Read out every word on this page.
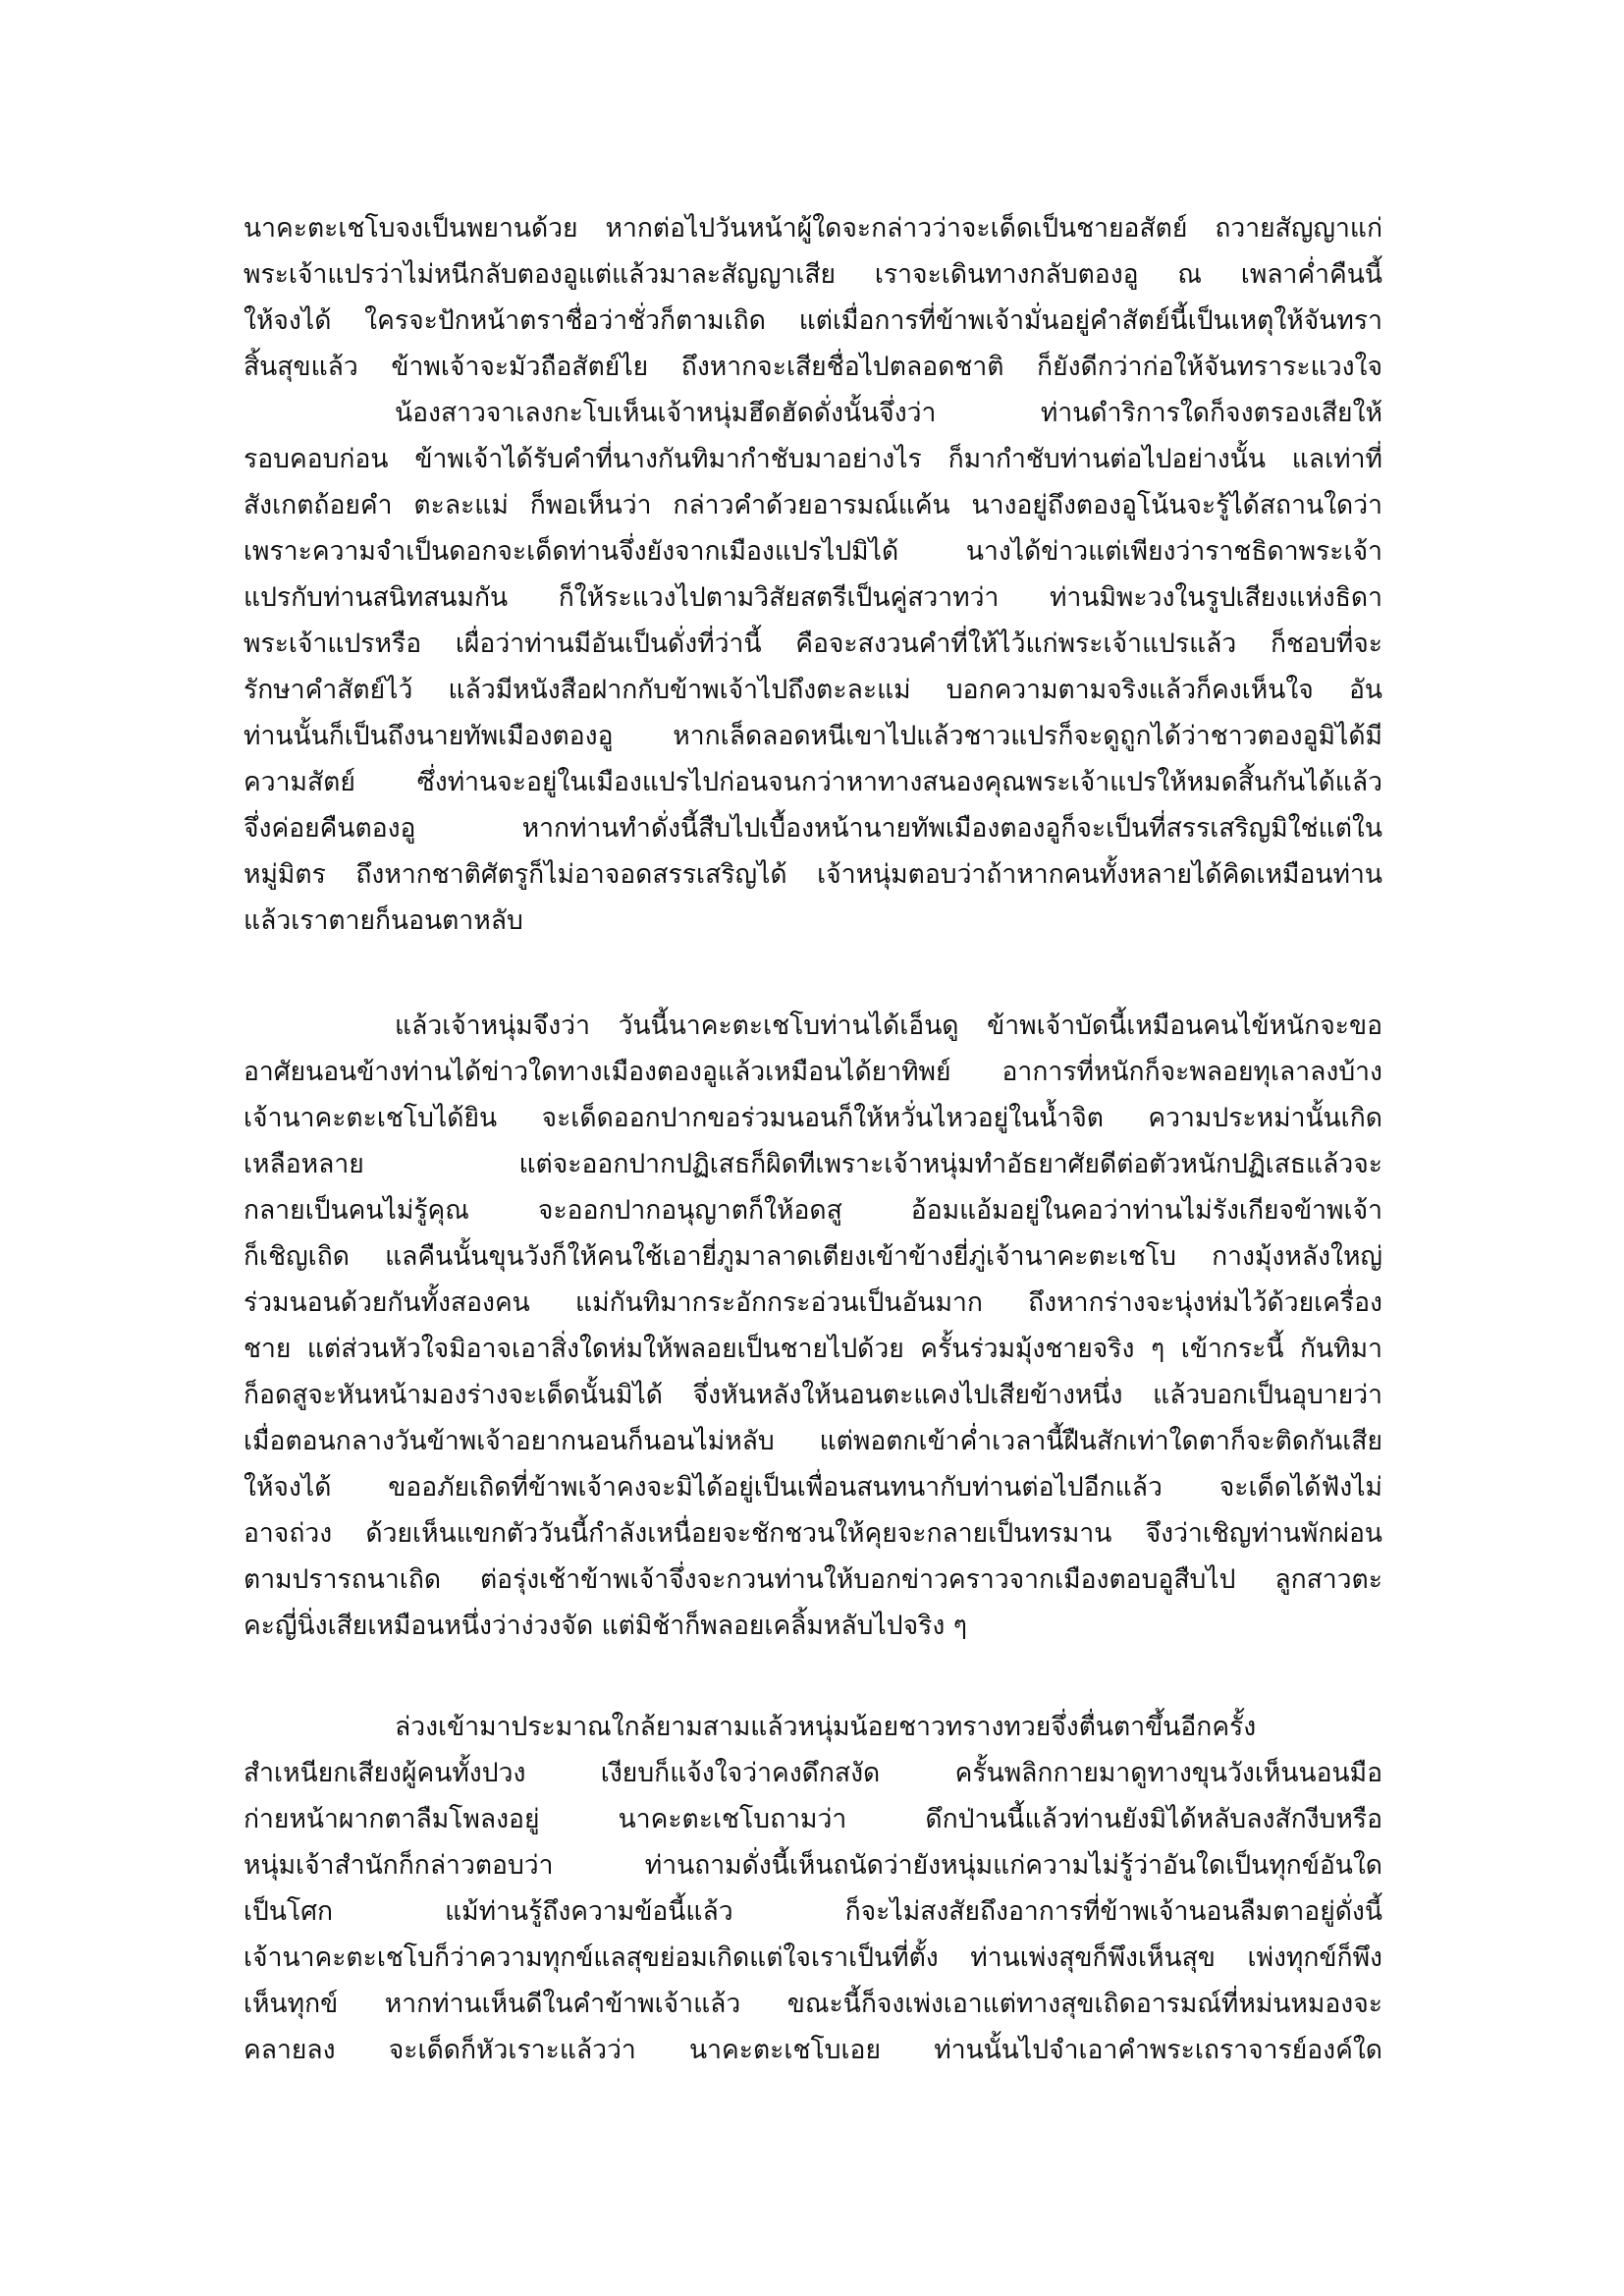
นาคะตะเชโบจงเป็นพยานด้วย หากต่อไปวันหน้าผู้ใดจะกล่าวว่าจะเด็ดเป็นชายอสัตย์ ถวายสัญญาแก่
พระเจ้าแปรว่าไม่หนีกลับตองอูแต่แล้วมาละสัญญาเสีย เราจะเดินทางกลับตองอู ณ เพลาค่ำคืนนี้
ให้จงได้ ใครจะปักหน้าตราชื่อว่าชั่วก็ตามเถิด แต่เมื่อการที่ข้าพเจ้ามั่นอยู่คำสัตย์นี้เป็นเหตุให้จันทรา
สิ้นสุขแล้ว ข้าพเจ้าจะมัวถือสัตย์ไย ถึงหากจะเสียชื่อไปตลอดชาติ ก็ยังดีกว่าก่อให้จันทราระแวงใจ
น้องสาวจาเลงกะโบเห็นเจ้าหนุ่มฮึดฮัดดั่งนั้นจึ่งว่า ท่านดำริการใดก็จงตรองเสียให้
รอบคอบก่อน ข้าพเจ้าได้รับคำที่นางกันทิมากำชับมาอย่างไร ก็มากำชับท่านต่อไปอย่างนั้น แลเท่าที่
สังเกตถ้อยคำ ตะละแม่ ก็พอเห็นว่า กล่าวคำด้วยอารมณ์แค้น นางอยู่ถึงตองอูโน้นจะรู้ได้สถานใดว่า
เพราะความจำเป็นดอกจะเด็ดท่านจึ่งยังจากเมืองแปรไปมิได้ นางได้ข่าวแต่เพียงว่าราชธิดาพระเจ้า
แปรกับท่านสนิทสนมกัน ก็ให้ระแวงไปตามวิสัยสตรีเป็นคู่สวาทว่า ท่านมิพะวงในรูปเสียงแห่งธิดา
พระเจ้าแปรหรือ เผื่อว่าท่านมีอันเป็นดั่งที่ว่านี้ คือจะสงวนคำที่ให้ไว้แก่พระเจ้าแปรแล้ว ก็ชอบที่จะ
รักษาคำสัตย์ไว้ แล้วมีหนังสือฝากกับข้าพเจ้าไปถึงตะละแม่ บอกความตามจริงแล้วก็คงเห็นใจ อัน
ท่านนั้นก็เป็นถึงนายทัพเมืองตองอู หากเล็ดลอดหนีเขาไปแล้วชาวแปรก็จะดูถูกได้ว่าชาวตองอูมิได้มี
ความสัตย์ ซึ่งท่านจะอยู่ในเมืองแปรไปก่อนจนกว่าหาทางสนองคุณพระเจ้าแปรให้หมดสิ้นกันได้แล้ว
จึ่งค่อยคืนตองอู หากท่านทำดั่งนี้สืบไปเบื้องหน้านายทัพเมืองตองอูก็จะเป็นที่สรรเสริญมิใช่แต่ใน
หมู่มิตร ถึงหากชาติศัตรูก็ไม่อาจอดสรรเสริญได้ เจ้าหนุ่มตอบว่าถ้าหากคนทั้งหลายได้คิดเหมือนท่าน
แล้วเราตายก็นอนตาหลับ
แล้วเจ้าหนุ่มจึงว่า วันนี้นาคะตะเชโบท่านได้เอ็นดู ข้าพเจ้าบัดนี้เหมือนคนไข้หนักจะขอ
อาศัยนอนข้างท่านได้ข่าวใดทางเมืองตองอูแล้วเหมือนได้ยาทิพย์ อาการที่หนักก็จะพลอยทุเลาลงบ้าง
เจ้านาคะตะเชโบได้ยิน จะเด็ดออกปากขอร่วมนอนก็ให้หวั่นไหวอยู่ในน้ำจิต ความประหม่านั้นเกิด
เหลือหลาย แต่จะออกปากปฏิเสธก็ผิดทีเพราะเจ้าหนุ่มทำอัธยาศัยดีต่อตัวหนักปฏิเสธแล้วจะ
กลายเป็นคนไม่รู้คุณ จะออกปากอนุญาตก็ให้อดสู อ้อมแอ้มอยู่ในคอว่าท่านไม่รังเกียจข้าพเจ้า
ก็เชิญเถิด แลคืนนั้นขุนวังก็ให้คนใช้เอายี่ภูมาลาดเตียงเข้าข้างยี่ภู่เจ้านาคะตะเชโบ กางมุ้งหลังใหญ่
ร่วมนอนด้วยกันทั้งสองคน แม่กันทิมากระอักกระอ่วนเป็นอันมาก ถึงหากร่างจะนุ่งห่มไว้ด้วยเครื่อง
ชาย แต่ส่วนหัวใจมิอาจเอาสิ่งใดห่มให้พลอยเป็นชายไปด้วย ครั้นร่วมมุ้งชายจริง ๆ เข้ากระนี้ กันทิมา
ก็อดสูจะหันหน้ามองร่างจะเด็ดนั้นมิได้ จึ่งหันหลังให้นอนตะแคงไปเสียข้างหนึ่ง แล้วบอกเป็นอุบายว่า
เมื่อตอนกลางวันข้าพเจ้าอยากนอนก็นอนไม่หลับ แต่พอตกเข้าค่ำเวลานี้ฝืนสักเท่าใดตาก็จะติดกันเสีย
ให้จงได้ ขออภัยเถิดที่ข้าพเจ้าคงจะมิได้อยู่เป็นเพื่อนสนทนากับท่านต่อไปอีกแล้ว จะเด็ดได้ฟังไม่
อาจถ่วง ด้วยเห็นแขกตัววันนี้กำลังเหนื่อยจะชักชวนให้คุยจะกลายเป็นทรมาน จึงว่าเชิญท่านพักผ่อน
ตามปรารถนาเถิด ต่อรุ่งเช้าข้าพเจ้าจึ่งจะกวนท่านให้บอกข่าวคราวจากเมืองตอบอูสืบไป ลูกสาวตะ
คะญี่นิ่งเสียเหมือนหนึ่งว่าง่วงจัด แต่มิช้าก็พลอยเคลิ้มหลับไปจริง ๆ
ล่วงเข้ามาประมาณใกล้ยามสามแล้วหนุ่มน้อยชาวทรางทวยจึ่งตื่นตาขึ้นอีกครั้ง
สำเหนียกเสียงผู้คนทั้งปวง เงียบก็แจ้งใจว่าคงดึกสงัด ครั้นพลิกกายมาดูทางขุนวังเห็นนอนมือ
ก่ายหน้าผากตาลืมโพลงอยู่ นาคะตะเชโบถามว่า ดึกป่านนี้แล้วท่านยังมิได้หลับลงสักงีบหรือ
หนุ่มเจ้าสำนักก็กล่าวตอบว่า ท่านถามดั่งนี้เห็นถนัดว่ายังหนุ่มแก่ความไม่รู้ว่าอันใดเป็นทุกข์อันใด
เป็นโศก แม้ท่านรู้ถึงความข้อนี้แล้ว ก็จะไม่สงสัยถึงอาการที่ข้าพเจ้านอนลืมตาอยู่ดั่งนี้
เจ้านาคะตะเชโบก็ว่าความทุกข์แลสุขย่อมเกิดแต่ใจเราเป็นที่ตั้ง ท่านเพ่งสุขก็พึงเห็นสุข เพ่งทุกข์ก็พึง
เห็นทุกข์ หากท่านเห็นดีในคำข้าพเจ้าแล้ว ขณะนี้ก็จงเพ่งเอาแต่ทางสุขเถิดอารมณ์ที่หม่นหมองจะ
คลายลง จะเด็ดก็หัวเราะแล้วว่า นาคะตะเชโบเอย ท่านนั้นไปจำเอาคำพระเถราจารย์องค์ใด
